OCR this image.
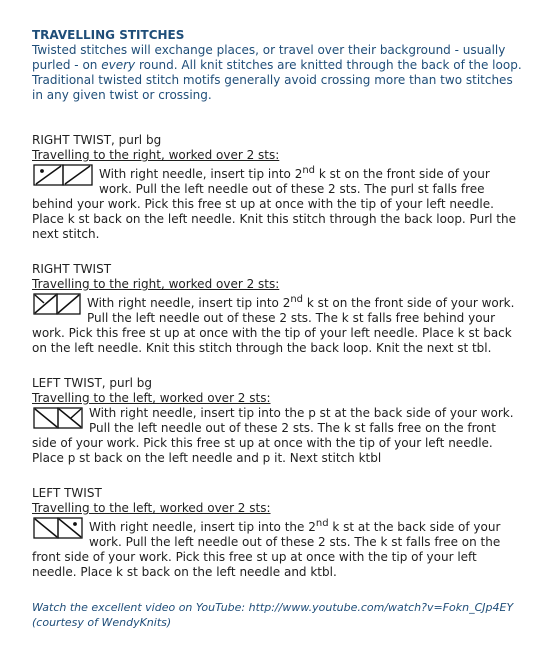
TRAVELLING STITCHES

Twisted stitches will exchange places, or travel over their background - usually purled - on every round. All knit stitches are knitted through the back of the loop. Traditional twisted stitch motifs generally avoid crossing more than two stitches in any given twist or crossing.

RIGHT TWIST, purl bg
Travelling to the right, worked over 2 sts:

With right needle, insert tip into 2nd k st on the front side of your work. Pull the left needle out of these 2 sts. The purl st falls free behind your work. Pick this free st up at once with the tip of your left needle. Place k st back on the left needle. Knit this stitch through the back loop. Purl the next stitch.

RIGHT TWIST
Travelling to the right, worked over 2 sts:

With right needle, insert tip into 2nd k st on the front side of your work. Pull the left needle out of these 2 sts. The k st falls free behind your work. Pick this free st up at once with the tip of your left needle. Place k st back on the left needle. Knit this stitch through the back loop. Knit the next st tbl.

LEFT TWIST, purl bg
Travelling to the left, worked over 2 sts:

With right needle, insert tip into the p st at the back side of your work. Pull the left needle out of these 2 sts. The k st falls free on the front side of your work. Pick this free st up at once with the tip of your left needle. Place p st back on the left needle and p it. Next stitch ktbl

LEFT TWIST
Travelling to the left, worked over 2 sts:

With right needle, insert tip into the 2nd k st at the back side of your work. Pull the left needle out of these 2 sts. The k st falls free on the front side of your work. Pick this free st up at once with the tip of your left needle. Place k st back on the left needle and ktbl.

Watch the excellent video on YouTube: http://www.youtube.com/watch?v=Fokn_CJp4EY

(courtesy of WendyKnits)
